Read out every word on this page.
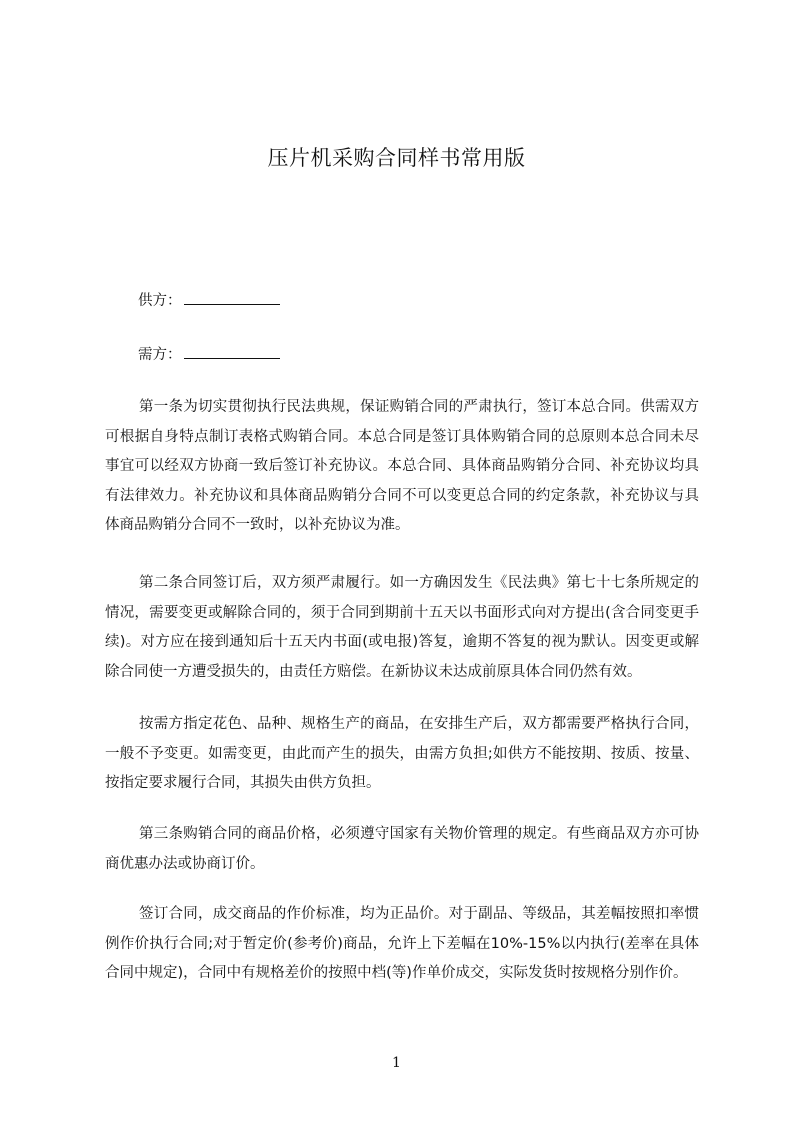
压片机采购合同样书常用版
供方：
需方：

第一条为切实贯彻执行民法典规，保证购销合同的严肃执行，签订本总合同。供需双方可根据自身特点制订表格式购销合同。本总合同是签订具体购销合同的总原则本总合同未尽事宜可以经双方协商一致后签订补充协议。本总合同、具体商品购销分合同、补充协议均具有法律效力。补充协议和具体商品购销分合同不可以变更总合同的约定条款，补充协议与具体商品购销分合同不一致时，以补充协议为准。

第二条合同签订后，双方须严肃履行。如一方确因发生《民法典》第七十七条所规定的情况，需要变更或解除合同的，须于合同到期前十五天以书面形式向对方提出(含合同变更手续)。对方应在接到通知后十五天内书面(或电报)答复，逾期不答复的视为默认。因变更或解除合同使一方遭受损失的，由责任方赔偿。在新协议未达成前原具体合同仍然有效。

按需方指定花色、品种、规格生产的商品，在安排生产后，双方都需要严格执行合同，一般不予变更。如需变更，由此而产生的损失，由需方负担;如供方不能按期、按质、按量、按指定要求履行合同，其损失由供方负担。

第三条购销合同的商品价格，必须遵守国家有关物价管理的规定。有些商品双方亦可协商优惠办法或协商订价。

签订合同，成交商品的作价标准，均为正品价。对于副品、等级品，其差幅按照扣率惯例作价执行合同;对于暂定价(参考价)商品，允许上下差幅在10%-15%以内执行(差率在具体合同中规定)，合同中有规格差价的按照中档(等)作单价成交，实际发货时按规格分别作价。

1
